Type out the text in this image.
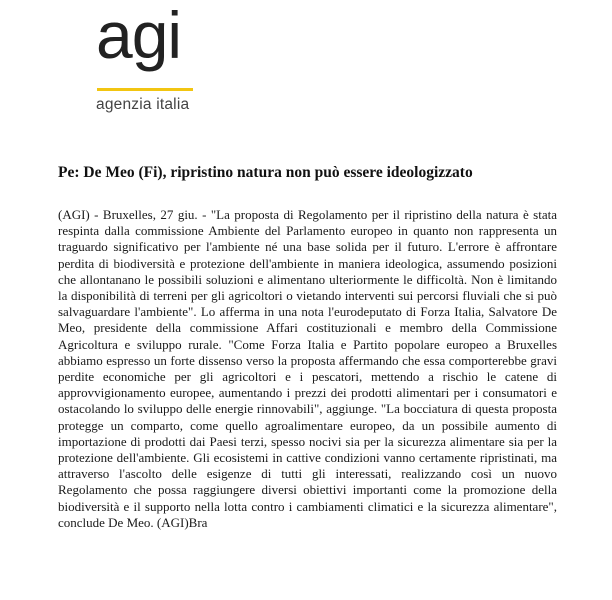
agi
agenzia italia
Pe: De Meo (Fi), ripristino natura non può essere ideologizzato

(AGI) - Bruxelles, 27 giu. - "La proposta di Regolamento per il ripristino della natura è stata respinta dalla commissione Ambiente del Parlamento europeo in quanto non rappresenta un traguardo significativo per l'ambiente né una base solida per il futuro. L'errore è affrontare perdita di biodiversità e protezione dell'ambiente in maniera ideologica, assumendo posizioni che allontanano le possibili soluzioni e alimentano ulteriormente le difficoltà. Non è limitando la disponibilità di terreni per gli agricoltori o vietando interventi sui percorsi fluviali che si può salvaguardare l'ambiente". Lo afferma in una nota l'eurodeputato di Forza Italia, Salvatore De Meo, presidente della commissione Affari costituzionali e membro della Commissione Agricoltura e sviluppo rurale. "Come Forza Italia e Partito popolare europeo a Bruxelles abbiamo espresso un forte dissenso verso la proposta affermando che essa comporterebbe gravi perdite economiche per gli agricoltori e i pescatori, mettendo a rischio le catene di approvvigionamento europee, aumentando i prezzi dei prodotti alimentari per i consumatori e ostacolando lo sviluppo delle energie rinnovabili", aggiunge. "La bocciatura di questa proposta protegge un comparto, come quello agroalimentare europeo, da un possibile aumento di importazione di prodotti dai Paesi terzi, spesso nocivi sia per la sicurezza alimentare sia per la protezione dell'ambiente. Gli ecosistemi in cattive condizioni vanno certamente ripristinati, ma attraverso l'ascolto delle esigenze di tutti gli interessati, realizzando così un nuovo Regolamento che possa raggiungere diversi obiettivi importanti come la promozione della biodiversità e il supporto nella lotta contro i cambiamenti climatici e la sicurezza alimentare", conclude De Meo. (AGI)Bra
